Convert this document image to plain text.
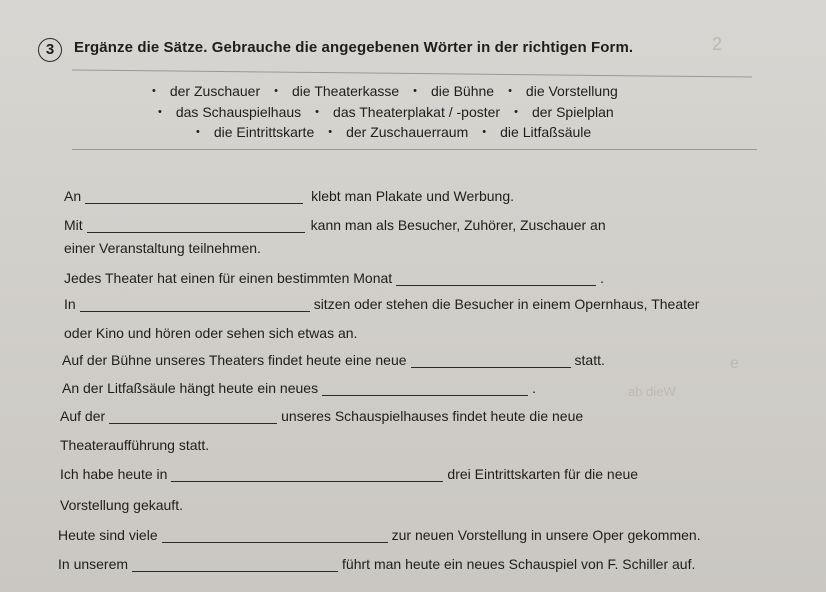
3	Ergänze die Sätze. Gebrauche die angegebenen Wörter in der richtigen Form.	2
• der Zuschauer • die Theaterkasse • die Bühne • die Vorstellung
• das Schauspielhaus • das Theaterplakat / -poster • der Spielplan
• die Eintrittskarte • der Zuschauerraum • die Litfaßsäule
An	klebt man Plakate und Werbung.
Mit	kann man als Besucher, Zuhörer, Zuschauer an
einer Veranstaltung teilnehmen.
Jedes Theater hat einen für einen bestimmten Monat	.
In	sitzen oder stehen die Besucher in einem Opernhaus, Theater
oder Kino und hören oder sehen sich etwas an.
Auf der Bühne unseres Theaters findet heute eine neue	statt.	e
An der Litfaßsäule hängt heute ein neues	.	ab dieW
Auf der	unseres Schauspielhauses findet heute die neue
Theateraufführung statt.
Ich habe heute in	drei Eintrittskarten für die neue
Vorstellung gekauft.
Heute sind viele	zur neuen Vorstellung in unsere Oper gekommen.
In unserem	führt man heute ein neues Schauspiel von F. Schiller auf.
